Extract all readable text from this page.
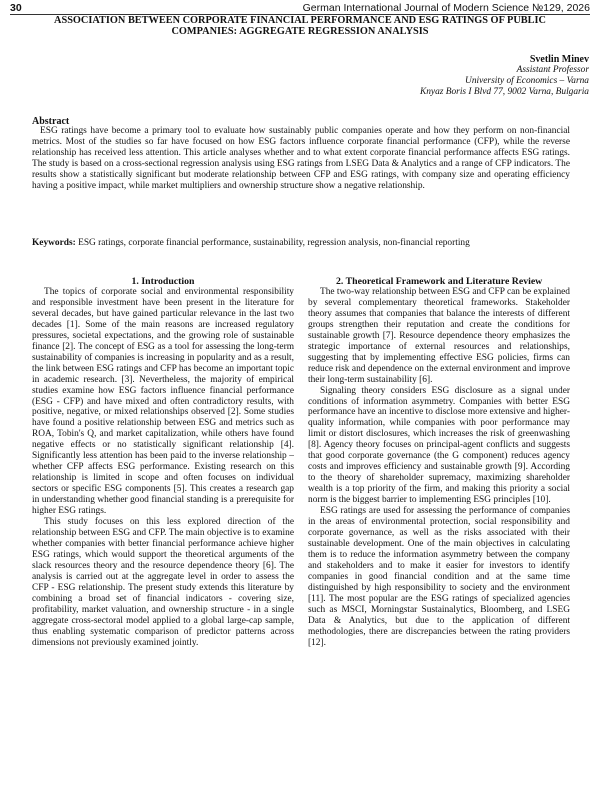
30	German International Journal of Modern Science №129, 2026
ASSOCIATION BETWEEN CORPORATE FINANCIAL PERFORMANCE AND ESG RATINGS OF PUBLIC COMPANIES: AGGREGATE REGRESSION ANALYSIS
Svetlin Minev
Assistant Professor
University of Economics – Varna
Knyaz Boris I Blvd 77, 9002 Varna, Bulgaria
Abstract
ESG ratings have become a primary tool to evaluate how sustainably public companies operate and how they perform on non-financial metrics. Most of the studies so far have focused on how ESG factors influence corporate financial performance (CFP), while the reverse relationship has received less attention. This article analyses whether and to what extent corporate financial performance affects ESG ratings. The study is based on a cross-sectional regression analysis using ESG ratings from LSEG Data & Analytics and a range of CFP indicators. The results show a statistically significant but moderate relationship between CFP and ESG ratings, with company size and operating efficiency having a positive impact, while market multipliers and ownership structure show a negative relationship.
Keywords: ESG ratings, corporate financial performance, sustainability, regression analysis, non-financial reporting
1. Introduction

The topics of corporate social and environmental responsibility and responsible investment have been present in the literature for several decades, but have gained particular relevance in the last two decades [1]. Some of the main reasons are increased regulatory pressures, societal expectations, and the growing role of sustainable finance [2]. The concept of ESG as a tool for assessing the long-term sustainability of companies is increasing in popularity and as a result, the link between ESG ratings and CFP has become an important topic in academic research. [3]. Nevertheless, the majority of empirical studies examine how ESG factors influence financial performance (ESG - CFP) and have mixed and often contradictory results, with positive, negative, or mixed relationships observed [2]. Some studies have found a positive relationship between ESG and metrics such as ROA, Tobin's Q, and market capitalization, while others have found negative effects or no statistically significant relationship [4]. Significantly less attention has been paid to the inverse relationship – whether CFP affects ESG performance. Existing research on this relationship is limited in scope and often focuses on individual sectors or specific ESG components [5]. This creates a research gap in understanding whether good financial standing is a prerequisite for higher ESG ratings.

This study focuses on this less explored direction of the relationship between ESG and CFP. The main objective is to examine whether companies with better financial performance achieve higher ESG ratings, which would support the theoretical arguments of the slack resources theory and the resource dependence theory [6]. The analysis is carried out at the aggregate level in order to assess the CFP - ESG relationship. The present study extends this literature by combining a broad set of financial indicators - covering size, profitability, market valuation, and ownership structure - in a single aggregate cross-sectoral model applied to a global large-cap sample, thus enabling systematic comparison of predictor patterns across dimensions not previously examined jointly.

2. Theoretical Framework and Literature Review

The two-way relationship between ESG and CFP can be explained by several complementary theoretical frameworks. Stakeholder theory assumes that companies that balance the interests of different groups strengthen their reputation and create the conditions for sustainable growth [7]. Resource dependence theory emphasizes the strategic importance of external resources and relationships, suggesting that by implementing effective ESG policies, firms can reduce risk and dependence on the external environment and improve their long-term sustainability [6].

Signaling theory considers ESG disclosure as a signal under conditions of information asymmetry. Companies with better ESG performance have an incentive to disclose more extensive and higher-quality information, while companies with poor performance may limit or distort disclosures, which increases the risk of greenwashing [8]. Agency theory focuses on principal-agent conflicts and suggests that good corporate governance (the G component) reduces agency costs and improves efficiency and sustainable growth [9]. According to the theory of shareholder supremacy, maximizing shareholder wealth is a top priority of the firm, and making this priority a social norm is the biggest barrier to implementing ESG principles [10].

ESG ratings are used for assessing the performance of companies in the areas of environmental protection, social responsibility and corporate governance, as well as the risks associated with their sustainable development. One of the main objectives in calculating them is to reduce the information asymmetry between the company and stakeholders and to make it easier for investors to identify companies in good financial condition and at the same time distinguished by high responsibility to society and the environment [11]. The most popular are the ESG ratings of specialized agencies such as MSCI, Morningstar Sustainalytics, Bloomberg, and LSEG Data & Analytics, but due to the application of different methodologies, there are discrepancies between the rating providers [12].
